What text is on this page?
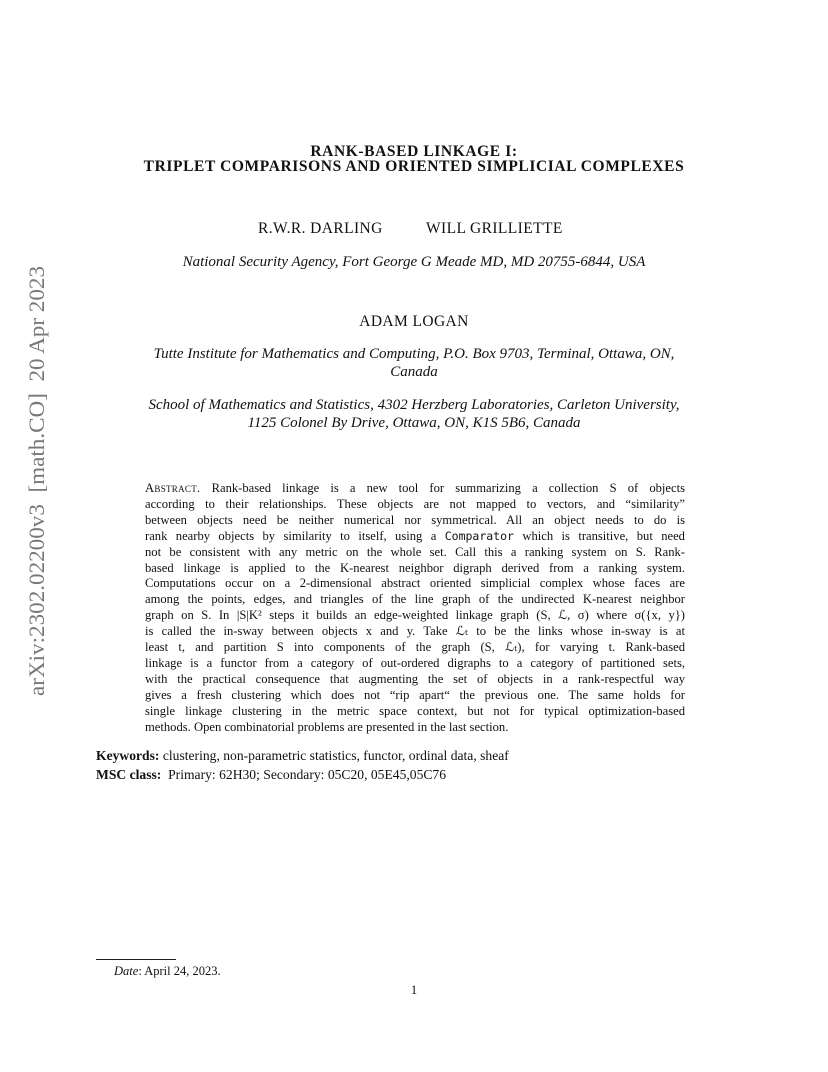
arXiv:2302.02200v3  [math.CO]  20 Apr 2023
RANK-BASED LINKAGE I:
TRIPLET COMPARISONS AND ORIENTED SIMPLICIAL COMPLEXES
R.W.R. DARLING	WILL GRILLIETTE
National Security Agency, Fort George G Meade MD, MD 20755-6844, USA
ADAM LOGAN
Tutte Institute for Mathematics and Computing, P.O. Box 9703, Terminal, Ottawa, ON,
Canada
School of Mathematics and Statistics, 4302 Herzberg Laboratories, Carleton University,
1125 Colonel By Drive, Ottawa, ON, K1S 5B6, Canada
Abstract. Rank-based linkage is a new tool for summarizing a collection S of objects
according to their relationships. These objects are not mapped to vectors, and “similarity”
between objects need be neither numerical nor symmetrical. All an object needs to do is
rank nearby objects by similarity to itself, using a Comparator which is transitive, but need
not be consistent with any metric on the whole set. Call this a ranking system on S. Rank-
based linkage is applied to the K-nearest neighbor digraph derived from a ranking system.
Computations occur on a 2-dimensional abstract oriented simplicial complex whose faces are
among the points, edges, and triangles of the line graph of the undirected K-nearest neighbor
graph on S. In |S|K² steps it builds an edge-weighted linkage graph (S, ℒ, σ) where σ({x, y})
is called the in-sway between objects x and y. Take ℒₜ to be the links whose in-sway is at
least t, and partition S into components of the graph (S, ℒₜ), for varying t. Rank-based
linkage is a functor from a category of out-ordered digraphs to a category of partitioned sets,
with the practical consequence that augmenting the set of objects in a rank-respectful way
gives a fresh clustering which does not “rip apart“ the previous one. The same holds for
single linkage clustering in the metric space context, but not for typical optimization-based
methods. Open combinatorial problems are presented in the last section.
Keywords: clustering, non-parametric statistics, functor, ordinal data, sheaf
MSC class: Primary: 62H30; Secondary: 05C20, 05E45,05C76
Date: April 24, 2023.
1
